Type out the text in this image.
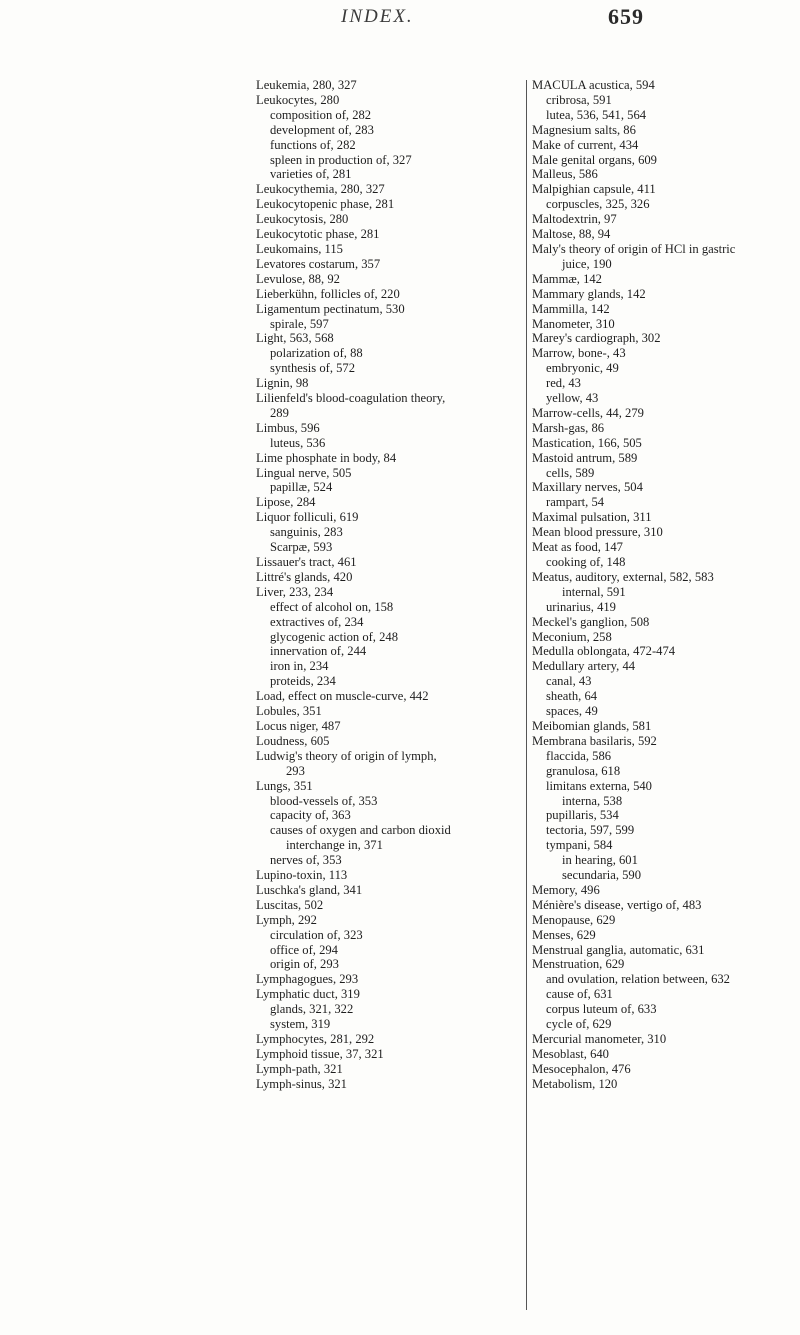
INDEX.	659
Leukemia, 280, 327
Leukocytes, 280
composition of, 282
development of, 283
functions of, 282
spleen in production of, 327
varieties of, 281
Leukocythemia, 280, 327
Leukocytopenic phase, 281
Leukocytosis, 280
Leukocytotic phase, 281
Leukomains, 115
Levatores costarum, 357
Levulose, 88, 92
Lieberkühn, follicles of, 220
Ligamentum pectinatum, 530
spirale, 597
Light, 563, 568
polarization of, 88
synthesis of, 572
Lignin, 98
Lilienfeld's blood-coagulation theory,
289
Limbus, 596
luteus, 536
Lime phosphate in body, 84
Lingual nerve, 505
papillæ, 524
Lipose, 284
Liquor folliculi, 619
sanguinis, 283
Scarpæ, 593
Lissauer's tract, 461
Littré's glands, 420
Liver, 233, 234
effect of alcohol on, 158
extractives of, 234
glycogenic action of, 248
innervation of, 244
iron in, 234
proteids, 234
Load, effect on muscle-curve, 442
Lobules, 351
Locus niger, 487
Loudness, 605
Ludwig's theory of origin of lymph,
293
Lungs, 351
blood-vessels of, 353
capacity of, 363
causes of oxygen and carbon dioxid
interchange in, 371
nerves of, 353
Lupino-toxin, 113
Luschka's gland, 341
Luscitas, 502
Lymph, 292
circulation of, 323
office of, 294
origin of, 293
Lymphagogues, 293
Lymphatic duct, 319
glands, 321, 322
system, 319
Lymphocytes, 281, 292
Lymphoid tissue, 37, 321
Lymph-path, 321
Lymph-sinus, 321
MACULA acustica, 594
cribrosa, 591
lutea, 536, 541, 564
Magnesium salts, 86
Make of current, 434
Male genital organs, 609
Malleus, 586
Malpighian capsule, 411
corpuscles, 325, 326
Maltodextrin, 97
Maltose, 88, 94
Maly's theory of origin of HCl in gastric
juice, 190
Mammæ, 142
Mammary glands, 142
Mammilla, 142
Manometer, 310
Marey's cardiograph, 302
Marrow, bone-, 43
embryonic, 49
red, 43
yellow, 43
Marrow-cells, 44, 279
Marsh-gas, 86
Mastication, 166, 505
Mastoid antrum, 589
cells, 589
Maxillary nerves, 504
rampart, 54
Maximal pulsation, 311
Mean blood pressure, 310
Meat as food, 147
cooking of, 148
Meatus, auditory, external, 582, 583
internal, 591
urinarius, 419
Meckel's ganglion, 508
Meconium, 258
Medulla oblongata, 472-474
Medullary artery, 44
canal, 43
sheath, 64
spaces, 49
Meibomian glands, 581
Membrana basilaris, 592
flaccida, 586
granulosa, 618
limitans externa, 540
interna, 538
pupillaris, 534
tectoria, 597, 599
tympani, 584
in hearing, 601
secundaria, 590
Memory, 496
Ménière's disease, vertigo of, 483
Menopause, 629
Menses, 629
Menstrual ganglia, automatic, 631
Menstruation, 629
and ovulation, relation between, 632
cause of, 631
corpus luteum of, 633
cycle of, 629
Mercurial manometer, 310
Mesoblast, 640
Mesocephalon, 476
Metabolism, 120
